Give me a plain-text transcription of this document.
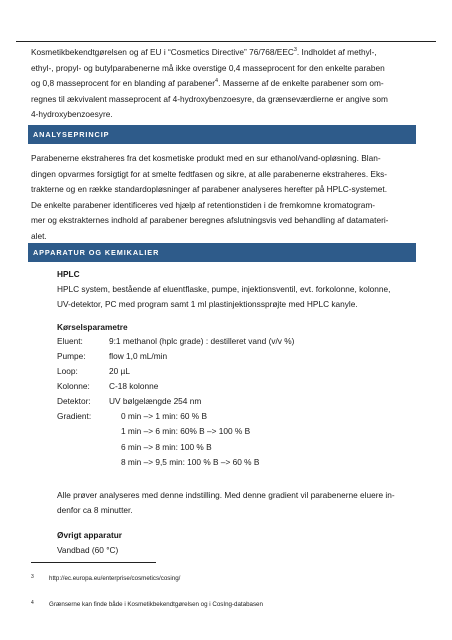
Kosmetikbekendtgørelsen og af EU i “Cosmetics Directive” 76/768/EEC$^3$. Indholdet af methyl-,
ethyl-, propyl- og butylparabenerne må ikke overstige 0,4 masseprocent for den enkelte paraben
og 0,8 masseprocent for en blanding af parabener$^4$. Masserne af de enkelte parabener som om-
regnes til ækvivalent masseprocent af 4-hydroxybenzoesyre, da grænseværdierne er angive som
4-hydroxybenzoesyre.
ANALYSEPRINCIP
Parabenerne ekstraheres fra det kosmetiske produkt med en sur ethanol/vand-opløsning. Blan-
dingen opvarmes forsigtigt for at smelte fedtfasen og sikre, at alle parabenerne ekstraheres. Eks-
trakterne og en række standardopløsninger af parabener analyseres herefter på HPLC-systemet.
De enkelte parabener identificeres ved hjælp af retentionstiden i de fremkomne kromatogram-
mer og ekstrakternes indhold af parabener beregnes afslutningsvis ved behandling af datamateri-
alet.
APPARATUR OG KEMIKALIER
HPLC
HPLC system, bestående af eluentflaske, pumpe, injektionsventil, evt. forkolonne, kolonne,
UV-detektor, PC med program samt 1 ml plastinjektionssprøjte med HPLC kanyle.
Kørselsparametre
Eluent:	9:1 methanol (hplc grade) : destilleret vand (v/v %)
Pumpe:	flow 1,0 mL/min
Loop:	20 µL
Kolonne: C-18 kolonne
Detektor: UV bølgelængde 254 nm
Gradient:	0 min –> 1 min: 60 % B
1 min –> 6 min: 60% B –> 100 % B
6 min –> 8 min: 100 % B
8 min –> 9,5 min: 100 % B –> 60 % B
Alle prøver analyseres med denne indstilling. Med denne gradient vil parabenerne eluere in-
denfor ca 8 minutter.
Øvrigt apparatur
Vandbad (60 °C)
3 http://ec.europa.eu/enterprise/cosmetics/cosing/
4 Grænserne kan finde både i Kosmetikbekendtgørelsen og i CosIng-databasen
